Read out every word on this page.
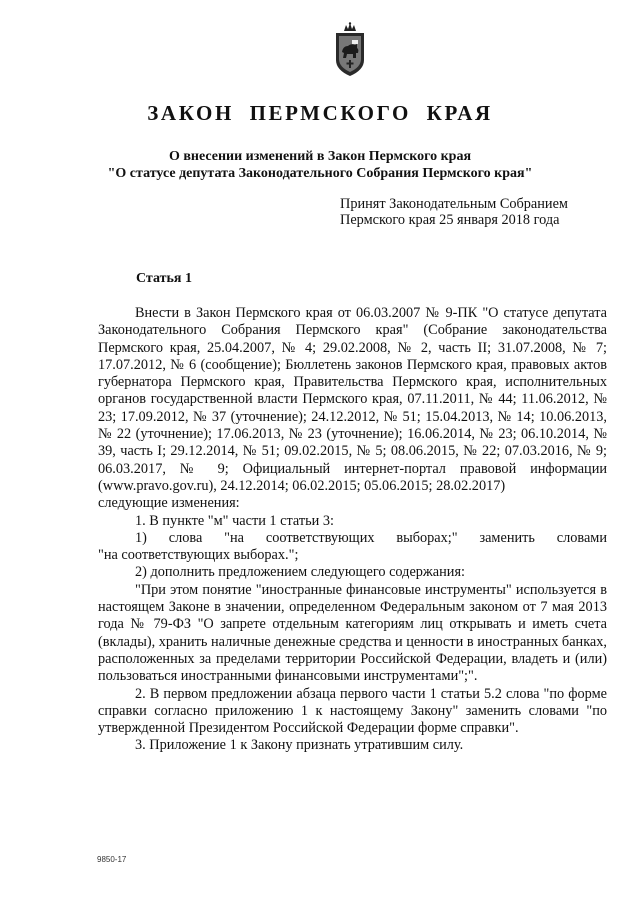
ЗАКОН  ПЕРМСКОГО  КРАЯ
О внесении изменений в Закон Пермского края
"О статусе депутата Законодательного Собрания Пермского края"
Принят Законодательным Собранием
Пермского края 25 января 2018 года
Статья 1

Внести в Закон Пермского края от 06.03.2007 № 9-ПК "О статусе депутата Законодательного Собрания Пермского края" (Собрание законодательства Пермского края, 25.04.2007, № 4; 29.02.2008, № 2, часть II; 31.07.2008, № 7; 17.07.2012, № 6 (сообщение); Бюллетень законов Пермского края, правовых актов губернатора Пермского края, Правительства Пермского края, исполнительных органов государственной власти Пермского края, 07.11.2011, № 44; 11.06.2012, № 23; 17.09.2012, № 37 (уточнение); 24.12.2012, № 51; 15.04.2013, № 14; 10.06.2013, № 22 (уточнение); 17.06.2013, № 23 (уточнение); 16.06.2014, № 23; 06.10.2014, № 39, часть I; 29.12.2014, № 51; 09.02.2015, № 5; 08.06.2015, № 22; 07.03.2016, № 9; 06.03.2017, № 9; Официальный интернет-портал правовой информации (www.pravo.gov.ru), 24.12.2014; 06.02.2015; 05.06.2015; 28.02.2017)

следующие изменения:

1. В пункте "м" части 1 статьи 3:

1) слова "на соответствующих выборах;" заменить словами

"на соответствующих выборах.";

2) дополнить предложением следующего содержания:

"При этом понятие "иностранные финансовые инструменты" используется в настоящем Законе в значении, определенном Федеральным законом от 7 мая 2013 года № 79-ФЗ "О запрете отдельным категориям лиц открывать и иметь счета (вклады), хранить наличные денежные средства и ценности в иностранных банках, расположенных за пределами территории Российской Федерации, владеть и (или) пользоваться иностранными финансовыми инструментами";".

2. В первом предложении абзаца первого части 1 статьи 5.2 слова "по форме справки согласно приложению 1 к настоящему Закону" заменить словами "по утвержденной Президентом Российской Федерации форме справки".

3. Приложение 1 к Закону признать утратившим силу.

9850-17
